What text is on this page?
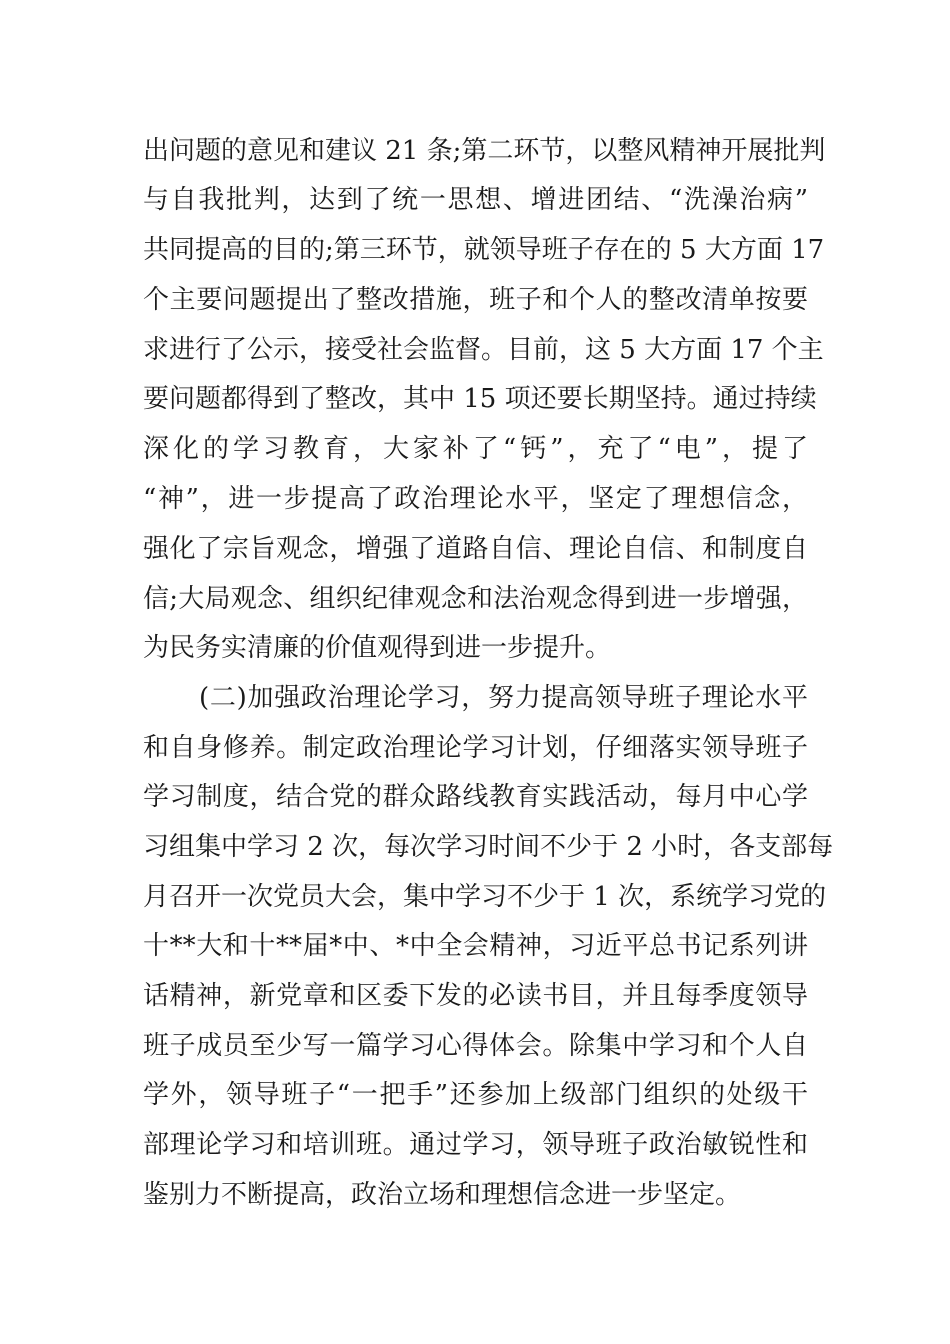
出问题的意见和建议 21 条;第二环节，以整风精神开展批判
与自我批判，达到了统一思想、增进团结、“洗澡治病”
共同提高的目的;第三环节，就领导班子存在的 5 大方面 17
个主要问题提出了整改措施，班子和个人的整改清单按要
求进行了公示，接受社会监督。目前，这 5 大方面 17 个主
要问题都得到了整改，其中 15 项还要长期坚持。通过持续
深化的学习教育，大家补了“钙”，充了“电”，提了
“神”，进一步提高了政治理论水平，坚定了理想信念，
强化了宗旨观念，增强了道路自信、理论自信、和制度自
信;大局观念、组织纪律观念和法治观念得到进一步增强，
为民务实清廉的价值观得到进一步提升。
(二)加强政治理论学习，努力提高领导班子理论水平
和自身修养。制定政治理论学习计划，仔细落实领导班子
学习制度，结合党的群众路线教育实践活动，每月中心学
习组集中学习 2 次，每次学习时间不少于 2 小时，各支部每
月召开一次党员大会，集中学习不少于 1 次，系统学习党的
十**大和十**届*中、*中全会精神，习近平总书记系列讲
话精神，新党章和区委下发的必读书目，并且每季度领导
班子成员至少写一篇学习心得体会。除集中学习和个人自
学外，领导班子“一把手”还参加上级部门组织的处级干
部理论学习和培训班。通过学习，领导班子政治敏锐性和
鉴别力不断提高，政治立场和理想信念进一步坚定。
